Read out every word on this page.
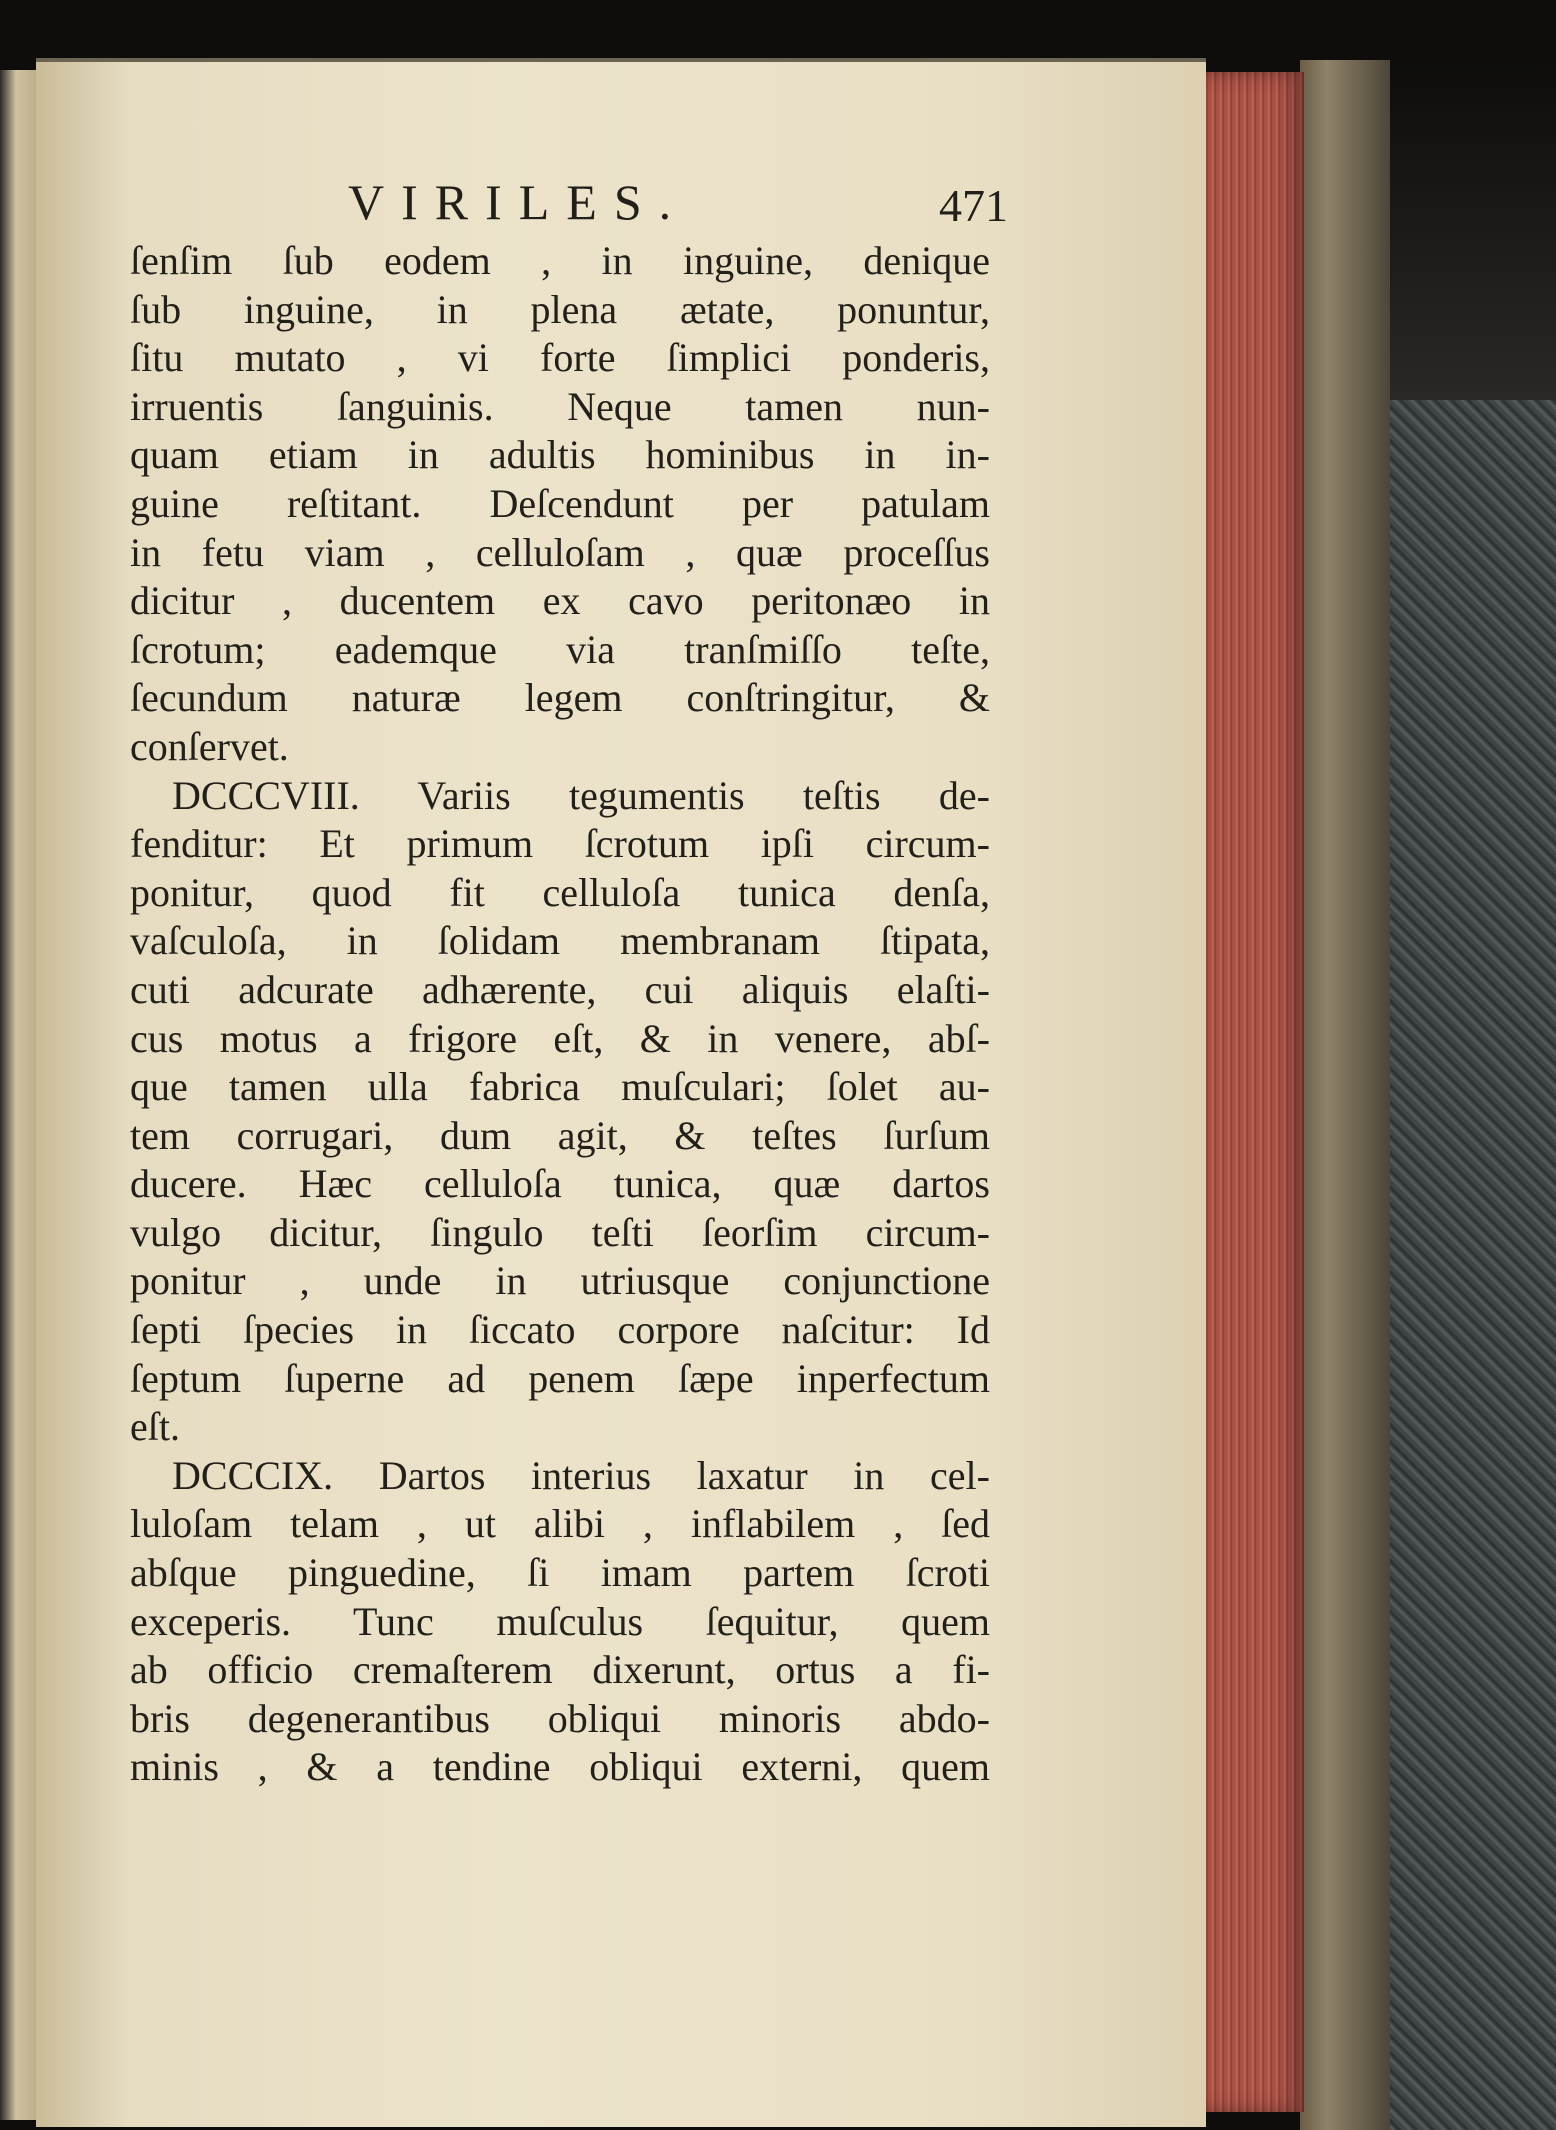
VIRILES.	471
ſenſim ſub eodem , in inguine, denique
ſub inguine, in plena ætate, ponuntur,
ſitu mutato , vi forte ſimplici ponderis,
irruentis ſanguinis. Neque tamen nun-
quam etiam in adultis hominibus in in-
guine reſtitant. Deſcendunt per patulam
in fetu viam , celluloſam , quæ proceſſus
dicitur , ducentem ex cavo peritonæo in
ſcrotum; eademque via tranſmiſſo teſte,
ſecundum naturæ legem conſtringitur, &
conſervet.
DCCCVIII. Variis tegumentis teſtis de-
fenditur: Et primum ſcrotum ipſi circum-
ponitur, quod fit celluloſa tunica denſa,
vaſculoſa, in ſolidam membranam ſtipata,
cuti adcurate adhærente, cui aliquis elaſti-
cus motus a frigore eſt, & in venere, abſ-
que tamen ulla fabrica muſculari; ſolet au-
tem corrugari, dum agit, & teſtes ſurſum
ducere. Hæc celluloſa tunica, quæ dartos
vulgo dicitur, ſingulo teſti ſeorſim circum-
ponitur , unde in utriusque conjunctione
ſepti ſpecies in ſiccato corpore naſcitur: Id
ſeptum ſuperne ad penem ſæpe inperfectum
eſt.
DCCCIX. Dartos interius laxatur in cel-
luloſam telam , ut alibi , inflabilem , ſed
abſque pinguedine, ſi imam partem ſcroti
exceperis. Tunc muſculus ſequitur, quem
ab officio cremaſterem dixerunt, ortus a fi-
bris degenerantibus obliqui minoris abdo-
minis , & a tendine obliqui externi, quem
